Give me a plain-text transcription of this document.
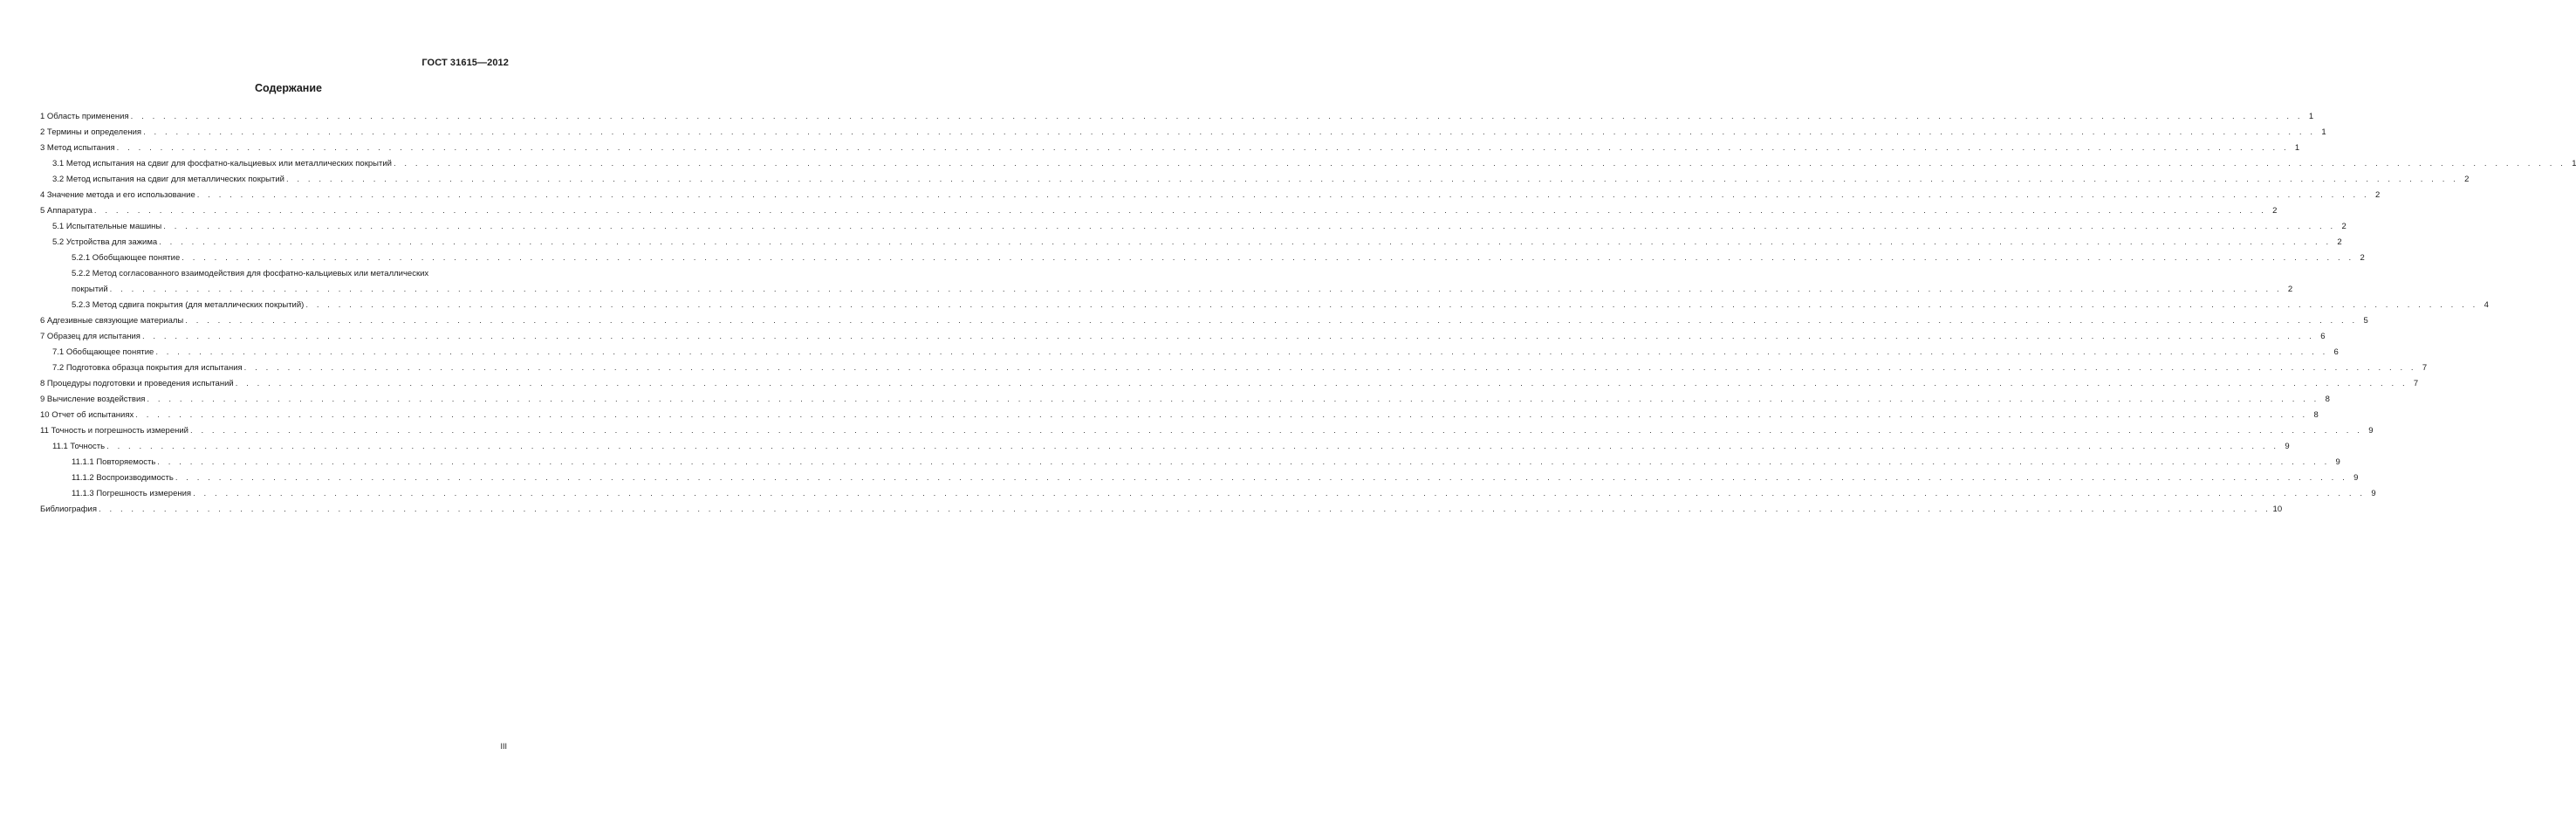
ГОСТ 31615—2012
Содержание
1 Область применения . . . . . . . . . . . . . . . . . . . . . . . . . . . . . . . . . . . . . . . . . . . . . . . . . . . . . . . . . . . . . . . . . . . . . . . . . . . . . . . . . . . . . . . . . . . . . . . . . . . . . . . . . . . . . . . . . . . . . . . . . . . . . . . . . . . . . . . . . . . . . . . . . . . . . . . . . . . . . . . . . . . . . . . . . . . . . . . . . . . . . . . . . . . . . . . . . . . . . . . . 1
2 Термины и определения . . . . . . . . . . . . . . . . . . . . . . . . . . . . . . . . . . . . . . . . . . . . . . . . . . . . . . . . . . . . . . . . . . . . . . . . . . . . . . . . . . . . . . . . . . . . . . . . . . . . . . . . . . . . . . . . . . . . . . . . . . . . . . . . . . . . . . . . . . . . . . . . . . . . . . . . . . . . . . . . . . . . . . . . . . . . . . . . . . . . . . . . . . . . . . . . . . . . . . . . 1
3 Метод испытания . . . . . . . . . . . . . . . . . . . . . . . . . . . . . . . . . . . . . . . . . . . . . . . . . . . . . . . . . . . . . . . . . . . . . . . . . . . . . . . . . . . . . . . . . . . . . . . . . . . . . . . . . . . . . . . . . . . . . . . . . . . . . . . . . . . . . . . . . . . . . . . . . . . . . . . . . . . . . . . . . . . . . . . . . . . . . . . . . . . . . . . . . . . . . . . . . . . . . . . . 1
3.1 Метод испытания на сдвиг для фосфатно-кальциевых или металлических покрытий . . . . . . . . . . . . . . . . . . . . . . . . . . . . . . . . . . . . . . . . . . . . . . . . . . . . . . . . . . . . . . . . . . . . . . . . . . . . . . . . . . . . . . . . . . . . . . . . . . . . . . . . . . . . . . . . . . . . . . . . . . . . . . . . . . . . . . . . . . . . . . . . . . . . . . . . . . . . . . . . . . . . . . . . . . . . . . . . . . . . . . . . . . . . . . . . . . . . . . . . 1
3.2 Метод испытания на сдвиг для металлических покрытий . . . . . . . . . . . . . . . . . . . . . . . . . . . . . . . . . . . . . . . . . . . . . . . . . . . . . . . . . . . . . . . . . . . . . . . . . . . . . . . . . . . . . . . . . . . . . . . . . . . . . . . . . . . . . . . . . . . . . . . . . . . . . . . . . . . . . . . . . . . . . . . . . . . . . . . . . . . . . . . . . . . . . . . . . . . . . . . . . . . . . . . . . . . . . . . . . . . . . . . . 2
4 Значение метода и его использование . . . . . . . . . . . . . . . . . . . . . . . . . . . . . . . . . . . . . . . . . . . . . . . . . . . . . . . . . . . . . . . . . . . . . . . . . . . . . . . . . . . . . . . . . . . . . . . . . . . . . . . . . . . . . . . . . . . . . . . . . . . . . . . . . . . . . . . . . . . . . . . . . . . . . . . . . . . . . . . . . . . . . . . . . . . . . . . . . . . . . . . . . . . . . . . . . . . . . . . . 2
5 Аппаратура . . . . . . . . . . . . . . . . . . . . . . . . . . . . . . . . . . . . . . . . . . . . . . . . . . . . . . . . . . . . . . . . . . . . . . . . . . . . . . . . . . . . . . . . . . . . . . . . . . . . . . . . . . . . . . . . . . . . . . . . . . . . . . . . . . . . . . . . . . . . . . . . . . . . . . . . . . . . . . . . . . . . . . . . . . . . . . . . . . . . . . . . . . . . . . . . . . . . . . . . 2
5.1 Испытательные машины . . . . . . . . . . . . . . . . . . . . . . . . . . . . . . . . . . . . . . . . . . . . . . . . . . . . . . . . . . . . . . . . . . . . . . . . . . . . . . . . . . . . . . . . . . . . . . . . . . . . . . . . . . . . . . . . . . . . . . . . . . . . . . . . . . . . . . . . . . . . . . . . . . . . . . . . . . . . . . . . . . . . . . . . . . . . . . . . . . . . . . . . . . . . . . . . . . . . . . . . 2
5.2 Устройства для зажима . . . . . . . . . . . . . . . . . . . . . . . . . . . . . . . . . . . . . . . . . . . . . . . . . . . . . . . . . . . . . . . . . . . . . . . . . . . . . . . . . . . . . . . . . . . . . . . . . . . . . . . . . . . . . . . . . . . . . . . . . . . . . . . . . . . . . . . . . . . . . . . . . . . . . . . . . . . . . . . . . . . . . . . . . . . . . . . . . . . . . . . . . . . . . . . . . . . . . . . . 2
5.2.1 Обобщающее понятие . . . . . . . . . . . . . . . . . . . . . . . . . . . . . . . . . . . . . . . . . . . . . . . . . . . . . . . . . . . . . . . . . . . . . . . . . . . . . . . . . . . . . . . . . . . . . . . . . . . . . . . . . . . . . . . . . . . . . . . . . . . . . . . . . . . . . . . . . . . . . . . . . . . . . . . . . . . . . . . . . . . . . . . . . . . . . . . . . . . . . . . . . . . . . . . . . . . . . . . . 2
5.2.2 Метод согласованного взаимодействия для фосфатно-кальциевых или металлических
покрытий . . . . . . . . . . . . . . . . . . . . . . . . . . . . . . . . . . . . . . . . . . . . . . . . . . . . . . . . . . . . . . . . . . . . . . . . . . . . . . . . . . . . . . . . . . . . . . . . . . . . . . . . . . . . . . . . . . . . . . . . . . . . . . . . . . . . . . . . . . . . . . . . . . . . . . . . . . . . . . . . . . . . . . . . . . . . . . . . . . . . . . . . . . . . . . . . . . . . . . . . 2
5.2.3 Метод сдвига покрытия (для металлических покрытий) . . . . . . . . . . . . . . . . . . . . . . . . . . . . . . . . . . . . . . . . . . . . . . . . . . . . . . . . . . . . . . . . . . . . . . . . . . . . . . . . . . . . . . . . . . . . . . . . . . . . . . . . . . . . . . . . . . . . . . . . . . . . . . . . . . . . . . . . . . . . . . . . . . . . . . . . . . . . . . . . . . . . . . . . . . . . . . . . . . . . . . . . . . . . . . . . . . . . . . . . 4
6 Адгезивные связующие материалы . . . . . . . . . . . . . . . . . . . . . . . . . . . . . . . . . . . . . . . . . . . . . . . . . . . . . . . . . . . . . . . . . . . . . . . . . . . . . . . . . . . . . . . . . . . . . . . . . . . . . . . . . . . . . . . . . . . . . . . . . . . . . . . . . . . . . . . . . . . . . . . . . . . . . . . . . . . . . . . . . . . . . . . . . . . . . . . . . . . . . . . . . . . . . . . . . . . . . . . . 5
7 Образец для испытания . . . . . . . . . . . . . . . . . . . . . . . . . . . . . . . . . . . . . . . . . . . . . . . . . . . . . . . . . . . . . . . . . . . . . . . . . . . . . . . . . . . . . . . . . . . . . . . . . . . . . . . . . . . . . . . . . . . . . . . . . . . . . . . . . . . . . . . . . . . . . . . . . . . . . . . . . . . . . . . . . . . . . . . . . . . . . . . . . . . . . . . . . . . . . . . . . . . . . . . . 6
7.1 Обобщающее понятие . . . . . . . . . . . . . . . . . . . . . . . . . . . . . . . . . . . . . . . . . . . . . . . . . . . . . . . . . . . . . . . . . . . . . . . . . . . . . . . . . . . . . . . . . . . . . . . . . . . . . . . . . . . . . . . . . . . . . . . . . . . . . . . . . . . . . . . . . . . . . . . . . . . . . . . . . . . . . . . . . . . . . . . . . . . . . . . . . . . . . . . . . . . . . . . . . . . . . . . . 6
7.2 Подготовка образца покрытия для испытания . . . . . . . . . . . . . . . . . . . . . . . . . . . . . . . . . . . . . . . . . . . . . . . . . . . . . . . . . . . . . . . . . . . . . . . . . . . . . . . . . . . . . . . . . . . . . . . . . . . . . . . . . . . . . . . . . . . . . . . . . . . . . . . . . . . . . . . . . . . . . . . . . . . . . . . . . . . . . . . . . . . . . . . . . . . . . . . . . . . . . . . . . . . . . . . . . . . . . . . . 7
8 Процедуры подготовки и проведения испытаний . . . . . . . . . . . . . . . . . . . . . . . . . . . . . . . . . . . . . . . . . . . . . . . . . . . . . . . . . . . . . . . . . . . . . . . . . . . . . . . . . . . . . . . . . . . . . . . . . . . . . . . . . . . . . . . . . . . . . . . . . . . . . . . . . . . . . . . . . . . . . . . . . . . . . . . . . . . . . . . . . . . . . . . . . . . . . . . . . . . . . . . . . . . . . . . . . . . . . . . . 7
9 Вычисление воздействия . . . . . . . . . . . . . . . . . . . . . . . . . . . . . . . . . . . . . . . . . . . . . . . . . . . . . . . . . . . . . . . . . . . . . . . . . . . . . . . . . . . . . . . . . . . . . . . . . . . . . . . . . . . . . . . . . . . . . . . . . . . . . . . . . . . . . . . . . . . . . . . . . . . . . . . . . . . . . . . . . . . . . . . . . . . . . . . . . . . . . . . . . . . . . . . . . . . . . . . . 8
10 Отчет об испытаниях . . . . . . . . . . . . . . . . . . . . . . . . . . . . . . . . . . . . . . . . . . . . . . . . . . . . . . . . . . . . . . . . . . . . . . . . . . . . . . . . . . . . . . . . . . . . . . . . . . . . . . . . . . . . . . . . . . . . . . . . . . . . . . . . . . . . . . . . . . . . . . . . . . . . . . . . . . . . . . . . . . . . . . . . . . . . . . . . . . . . . . . . . . . . . . . . . . . . . . . . 8
11 Точность и погрешность измерений . . . . . . . . . . . . . . . . . . . . . . . . . . . . . . . . . . . . . . . . . . . . . . . . . . . . . . . . . . . . . . . . . . . . . . . . . . . . . . . . . . . . . . . . . . . . . . . . . . . . . . . . . . . . . . . . . . . . . . . . . . . . . . . . . . . . . . . . . . . . . . . . . . . . . . . . . . . . . . . . . . . . . . . . . . . . . . . . . . . . . . . . . . . . . . . . . . . . . . . . 9
11.1 Точность . . . . . . . . . . . . . . . . . . . . . . . . . . . . . . . . . . . . . . . . . . . . . . . . . . . . . . . . . . . . . . . . . . . . . . . . . . . . . . . . . . . . . . . . . . . . . . . . . . . . . . . . . . . . . . . . . . . . . . . . . . . . . . . . . . . . . . . . . . . . . . . . . . . . . . . . . . . . . . . . . . . . . . . . . . . . . . . . . . . . . . . . . . . . . . . . . . . . . . . . 9
11.1.1 Повторяемость . . . . . . . . . . . . . . . . . . . . . . . . . . . . . . . . . . . . . . . . . . . . . . . . . . . . . . . . . . . . . . . . . . . . . . . . . . . . . . . . . . . . . . . . . . . . . . . . . . . . . . . . . . . . . . . . . . . . . . . . . . . . . . . . . . . . . . . . . . . . . . . . . . . . . . . . . . . . . . . . . . . . . . . . . . . . . . . . . . . . . . . . . . . . . . . . . . . . . . . . 9
11.1.2 Воспроизводимость . . . . . . . . . . . . . . . . . . . . . . . . . . . . . . . . . . . . . . . . . . . . . . . . . . . . . . . . . . . . . . . . . . . . . . . . . . . . . . . . . . . . . . . . . . . . . . . . . . . . . . . . . . . . . . . . . . . . . . . . . . . . . . . . . . . . . . . . . . . . . . . . . . . . . . . . . . . . . . . . . . . . . . . . . . . . . . . . . . . . . . . . . . . . . . . . . . . . . . . . 9
11.1.3 Погрешность измерения . . . . . . . . . . . . . . . . . . . . . . . . . . . . . . . . . . . . . . . . . . . . . . . . . . . . . . . . . . . . . . . . . . . . . . . . . . . . . . . . . . . . . . . . . . . . . . . . . . . . . . . . . . . . . . . . . . . . . . . . . . . . . . . . . . . . . . . . . . . . . . . . . . . . . . . . . . . . . . . . . . . . . . . . . . . . . . . . . . . . . . . . . . . . . . . . . . . . . . . . 9
Библиография . . . . . . . . . . . . . . . . . . . . . . . . . . . . . . . . . . . . . . . . . . . . . . . . . . . . . . . . . . . . . . . . . . . . . . . . . . . . . . . . . . . . . . . . . . . . . . . . . . . . . . . . . . . . . . . . . . . . . . . . . . . . . . . . . . . . . . . . . . . . . . . . . . . . . . . . . . . . . . . . . . . . . . . . . . . . . . . . . . . . . . . . . . . . . . . . . . . . . . . . 10
III
